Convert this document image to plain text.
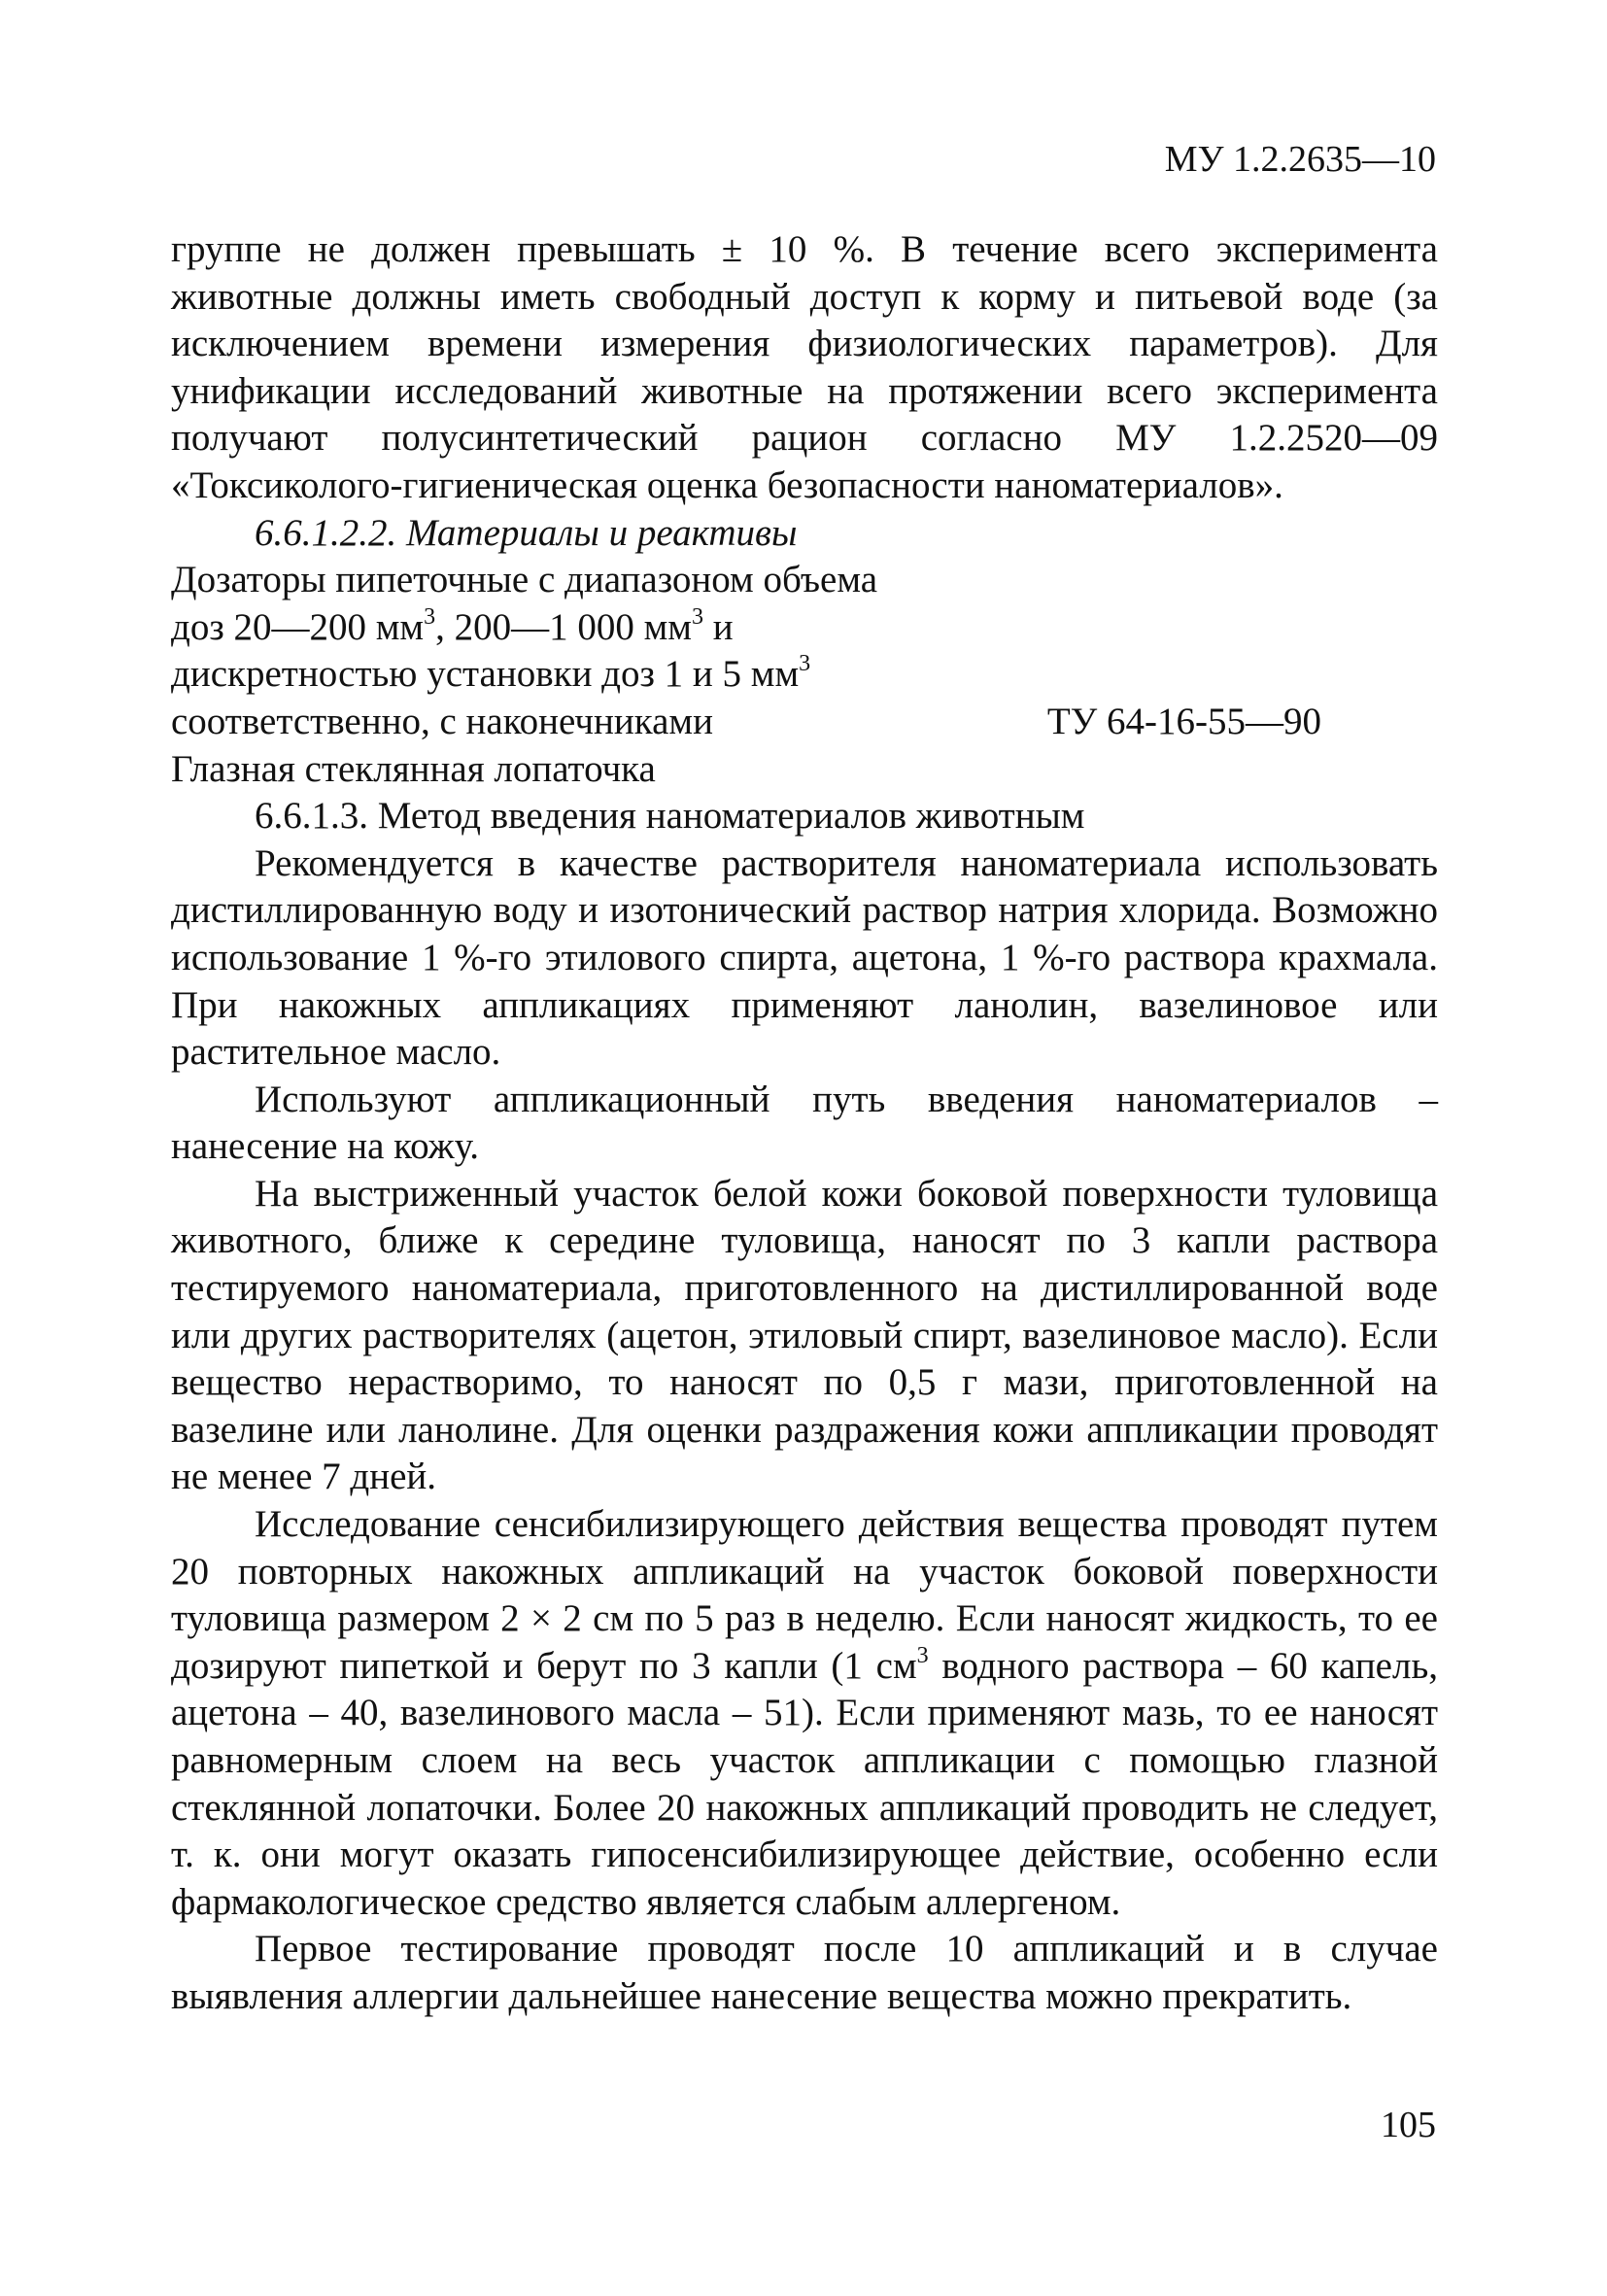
МУ 1.2.2635—10

группе не должен превышать ± 10 %. В течение всего эксперимента животные должны иметь свободный доступ к корму и питьевой воде (за исключением времени измерения физиологических параметров). Для унификации исследований животные на протяжении всего эксперимента получают полусинтетический рацион согласно МУ 1.2.2520—09 «Токсиколого-гигиеническая оценка безопасности наноматериалов».

6.6.1.2.2. Материалы и реактивы
Дозаторы пипеточные с диапазоном объема
доз 20—200 $мм^3$, 200—1 000 $мм^3$ и
дискретностью установки доз 1 и 5 $мм^3$
соответственно, с наконечниками	ТУ 64-16-55—90
Глазная стеклянная лопаточка
6.6.1.3. Метод введения наноматериалов животным

Рекомендуется в качестве растворителя наноматериала использовать дистиллированную воду и изотонический раствор натрия хлорида. Возможно использование 1 %-го этилового спирта, ацетона, 1 %-го раствора крахмала. При накожных аппликациях применяют ланолин, вазелиновое или растительное масло.

Используют аппликационный путь введения наноматериалов – нанесение на кожу.

На выстриженный участок белой кожи боковой поверхности туловища животного, ближе к середине туловища, наносят по 3 капли раствора тестируемого наноматериала, приготовленного на дистиллированной воде или других растворителях (ацетон, этиловый спирт, вазелиновое масло). Если вещество нерастворимо, то наносят по 0,5 г мази, приготовленной на вазелине или ланолине. Для оценки раздражения кожи аппликации проводят не менее 7 дней.

Исследование сенсибилизирующего действия вещества проводят путем 20 повторных накожных аппликаций на участок боковой поверхности туловища размером 2 × 2 см по 5 раз в неделю. Если наносят жидкость, то ее дозируют пипеткой и берут по 3 капли (1 $см^3$ водного раствора – 60 капель, ацетона – 40, вазелинового масла – 51). Если применяют мазь, то ее наносят равномерным слоем на весь участок аппликации с помощью глазной стеклянной лопаточки. Более 20 накожных аппликаций проводить не следует, т. к. они могут оказать гипосенсибилизирующее действие, особенно если фармакологическое средство является слабым аллергеном.

Первое тестирование проводят после 10 аппликаций и в случае выявления аллергии дальнейшее нанесение вещества можно прекратить.

105
